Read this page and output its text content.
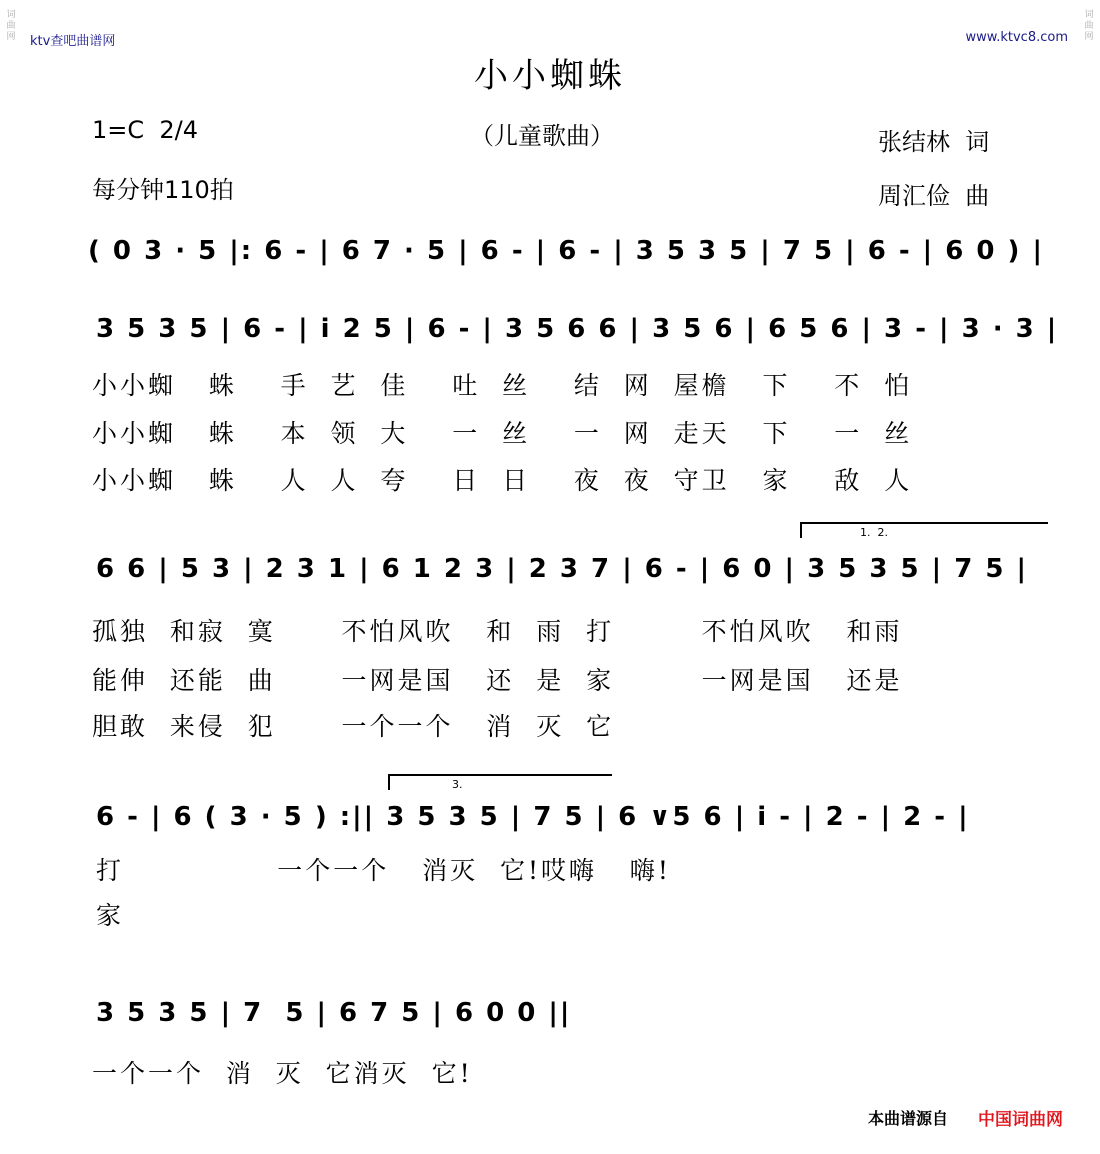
词曲网
词曲网
ktv查吧曲谱网	www.ktvc8.com
小小蜘蛛
1=C  2/4	（儿童歌曲）	张结林  词
每分钟110拍	周汇俭  曲
( 0 3 · 5 |: 6 - | 6 7 · 5 | 6 - | 6 - | 3 5 3 5 | 7 5 | 6 - | 6 0 ) |
3 5 3 5 | 6 - | i 2 5 | 6 - | 3 5 6 6 | 3 5 6 | 6 5 6 | 3 - | 3 · 3 |
小小蜘   蛛    手  艺  佳    吐  丝    结  网  屋檐   下    不  怕
小小蜘   蛛    本  领  大    一  丝    一  网  走天   下    一  丝
小小蜘   蛛    人  人  夸    日  日    夜  夜  守卫   家    敌  人

1.  2.

6 6 | 5 3 | 2 3 1 | 6 1 2 3 | 2 3 7 | 6 - | 6 0 | 3 5 3 5 | 7 5 |
孤独  和寂  寞      不怕风吹   和  雨  打        不怕风吹   和雨
能伸  还能  曲      一网是国   还  是  家        一网是国   还是
胆敢  来侵  犯      一个一个   消  灭  它

3.

6 - | 6 ( 3 · 5 ) :|| 3 5 3 5 | 7 5 | 6 ∨5 6 | i - | 2 - | 2 - |
打              一个一个   消灭  它!哎嗨   嗨!
家
3 5 3 5 | 7  5 | 6 7 5 | 6 0 0 ||
一个一个  消  灭  它消灭  它!
本曲谱源自 中国词曲网
